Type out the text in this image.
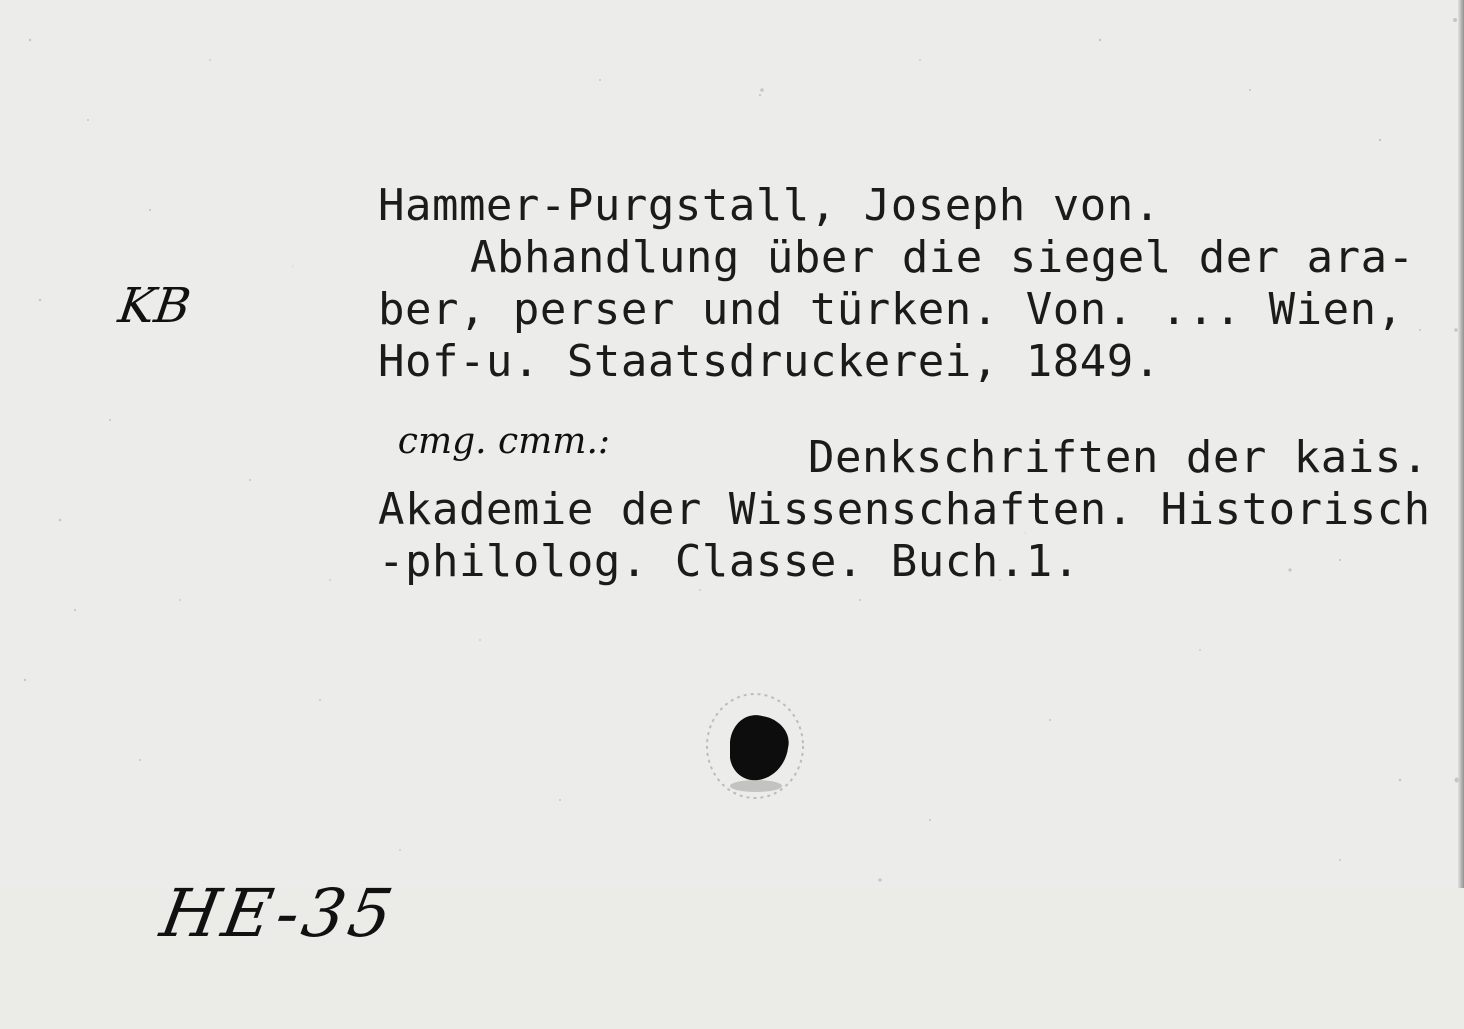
KB

Hammer-Purgstall, Joseph von.

Abhandlung über die siegel der ara-

ber, perser und türken. Von. ... Wien,

Hof-u. Staatsdruckerei, 1849.

cтg. cтт.:
	Denkschriften der kais.

Akademie der Wissenschaften. Historisch

-philolog. Classe. Buch.1.

HE-35
